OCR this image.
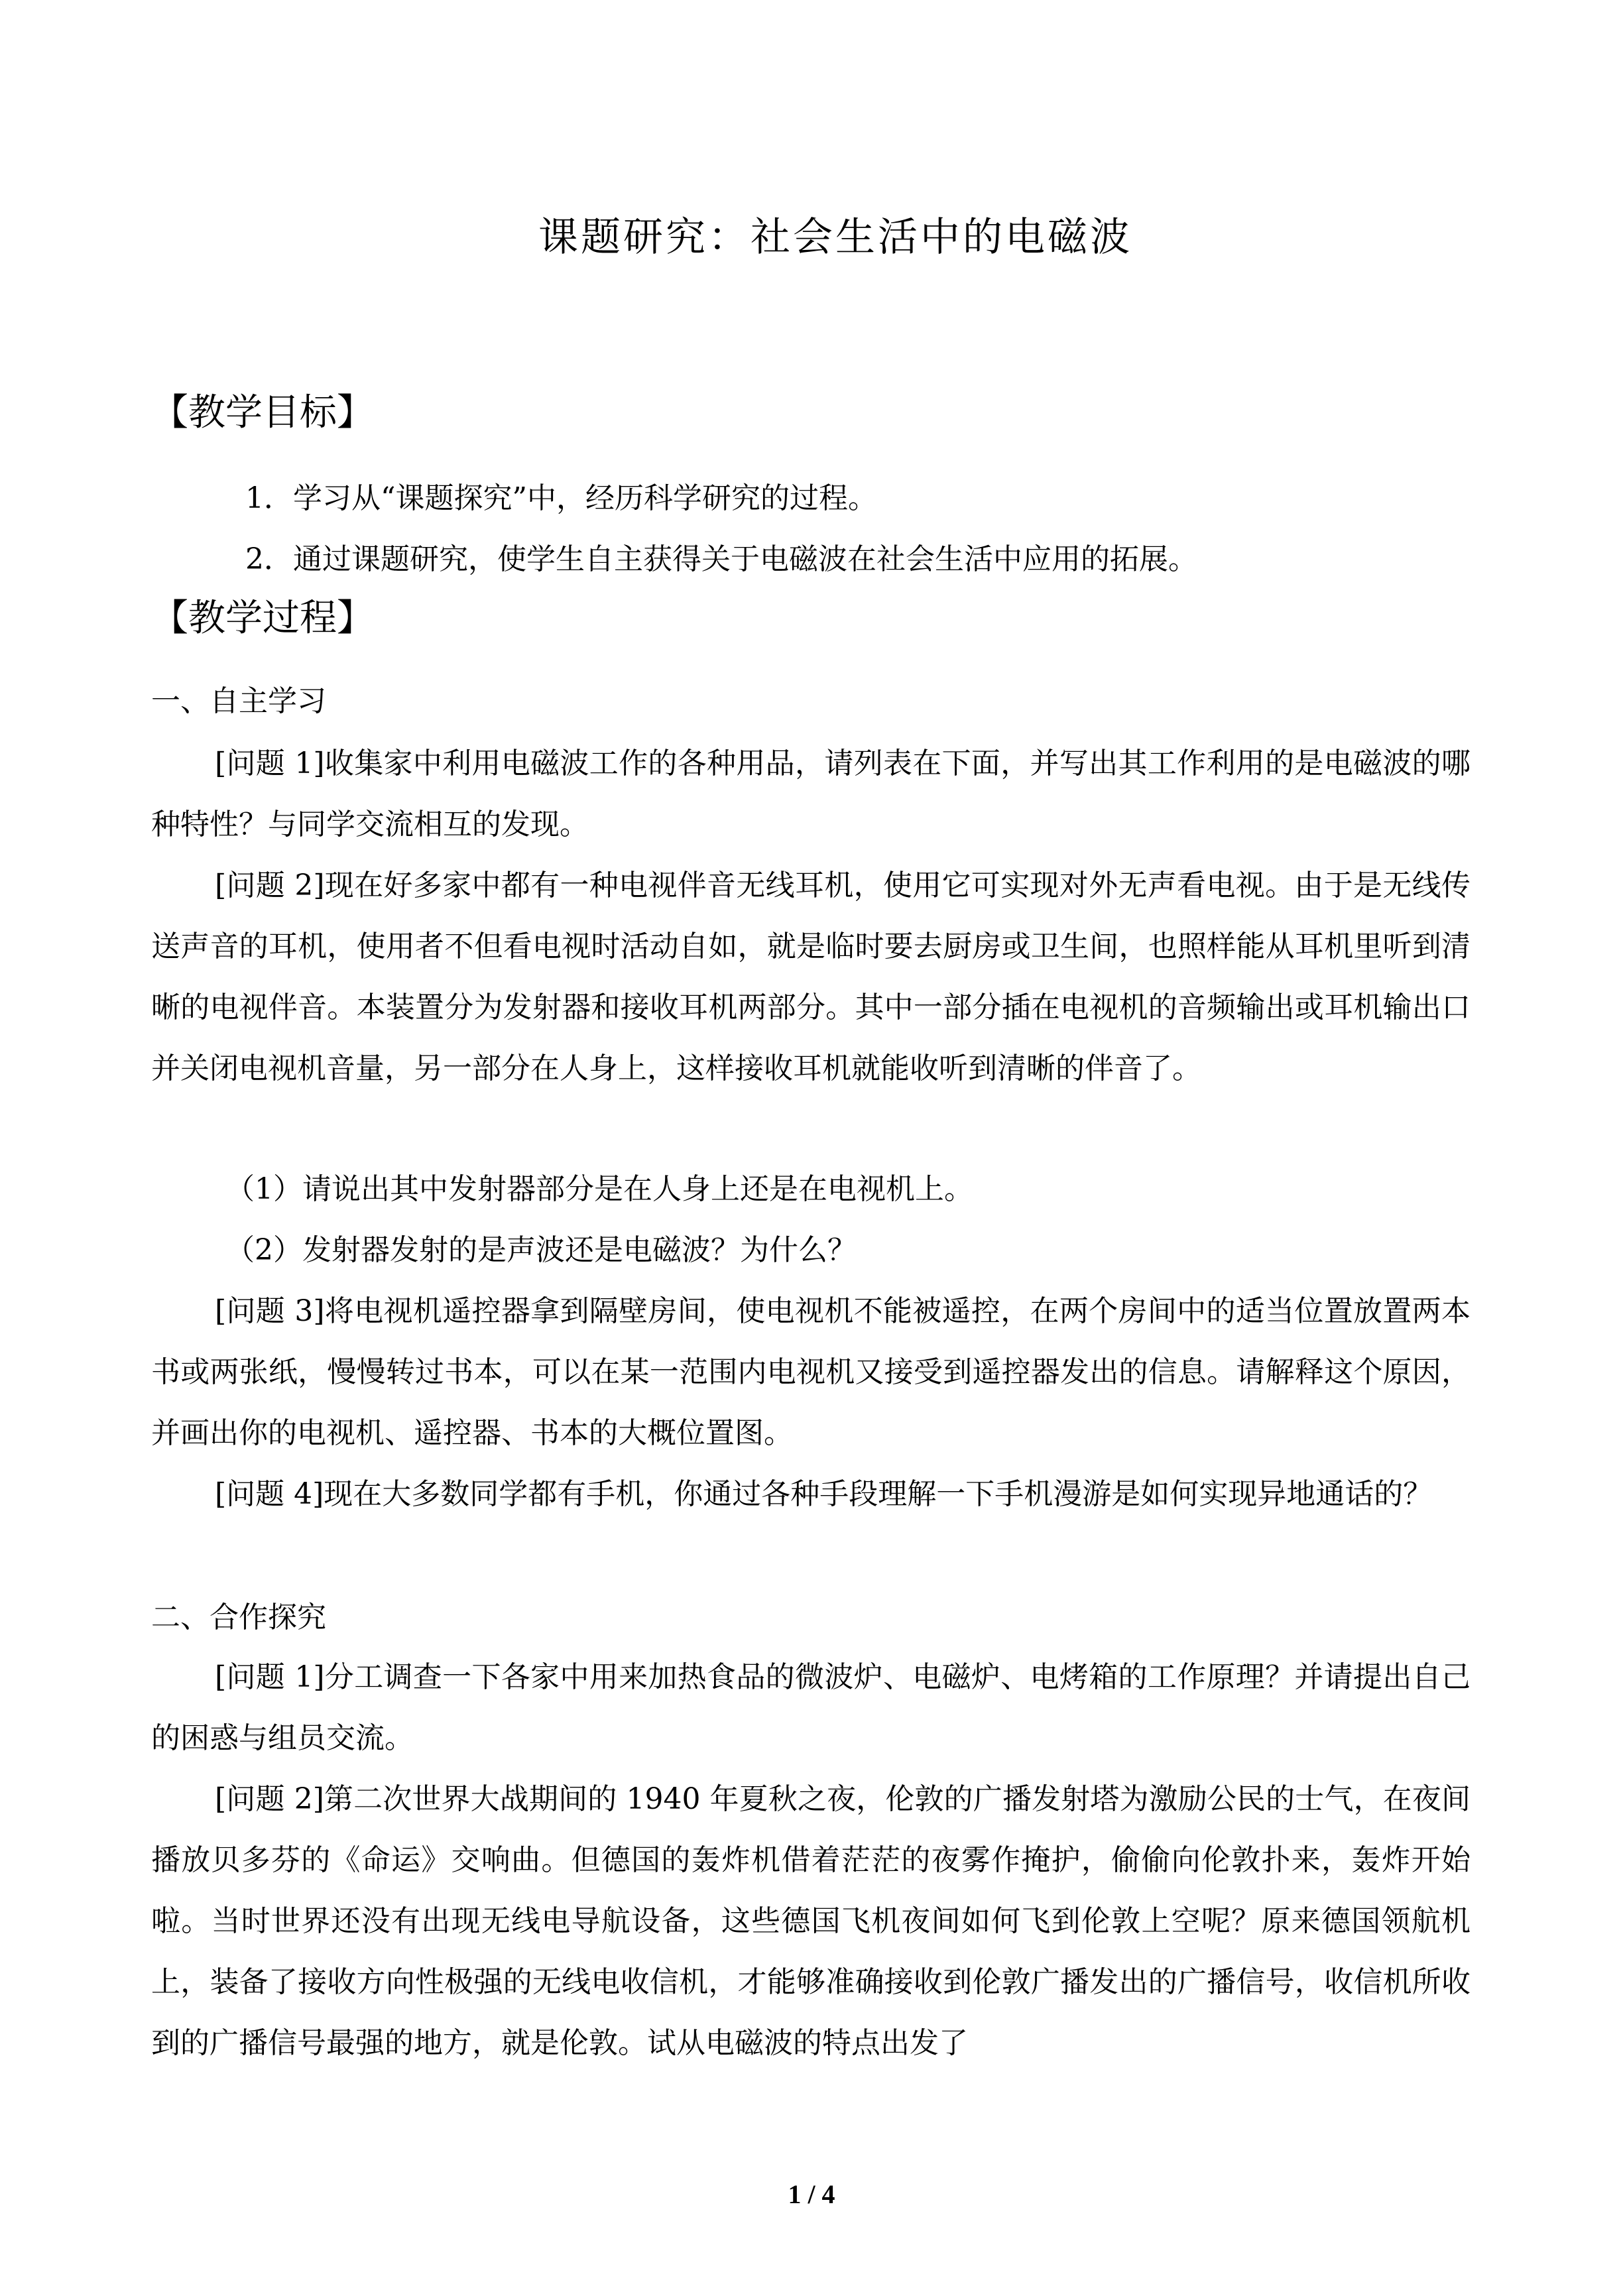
课题研究：社会生活中的电磁波
【教学目标】
1．学习从“课题探究”中，经历科学研究的过程。
2．通过课题研究，使学生自主获得关于电磁波在社会生活中应用的拓展。
【教学过程】
一、自主学习
[问题 1]收集家中利用电磁波工作的各种用品，请列表在下面，并写出其工作利用的是电磁波的哪种特性？与同学交流相互的发现。
[问题 2]现在好多家中都有一种电视伴音无线耳机，使用它可实现对外无声看电视。由于是无线传送声音的耳机，使用者不但看电视时活动自如，就是临时要去厨房或卫生间，也照样能从耳机里听到清晰的电视伴音。本装置分为发射器和接收耳机两部分。其中一部分插在电视机的音频输出或耳机输出口并关闭电视机音量，另一部分在人身上，这样接收耳机就能收听到清晰的伴音了。
（1）请说出其中发射器部分是在人身上还是在电视机上。
（2）发射器发射的是声波还是电磁波？为什么？
[问题 3]将电视机遥控器拿到隔壁房间，使电视机不能被遥控，在两个房间中的适当位置放置两本书或两张纸，慢慢转过书本，可以在某一范围内电视机又接受到遥控器发出的信息。请解释这个原因，并画出你的电视机、遥控器、书本的大概位置图。
[问题 4]现在大多数同学都有手机，你通过各种手段理解一下手机漫游是如何实现异地通话的？
二、合作探究
[问题 1]分工调查一下各家中用来加热食品的微波炉、电磁炉、电烤箱的工作原理？并请提出自己的困惑与组员交流。
[问题 2]第二次世界大战期间的 1940 年夏秋之夜，伦敦的广播发射塔为激励公民的士气，在夜间播放贝多芬的《命运》交响曲。但德国的轰炸机借着茫茫的夜雾作掩护，偷偷向伦敦扑来，轰炸开始啦。当时世界还没有出现无线电导航设备，这些德国飞机夜间如何飞到伦敦上空呢？原来德国领航机上，装备了接收方向性极强的无线电收信机，才能够准确接收到伦敦广播发出的广播信号，收信机所收到的广播信号最强的地方，就是伦敦。试从电磁波的特点出发了
1 / 4
